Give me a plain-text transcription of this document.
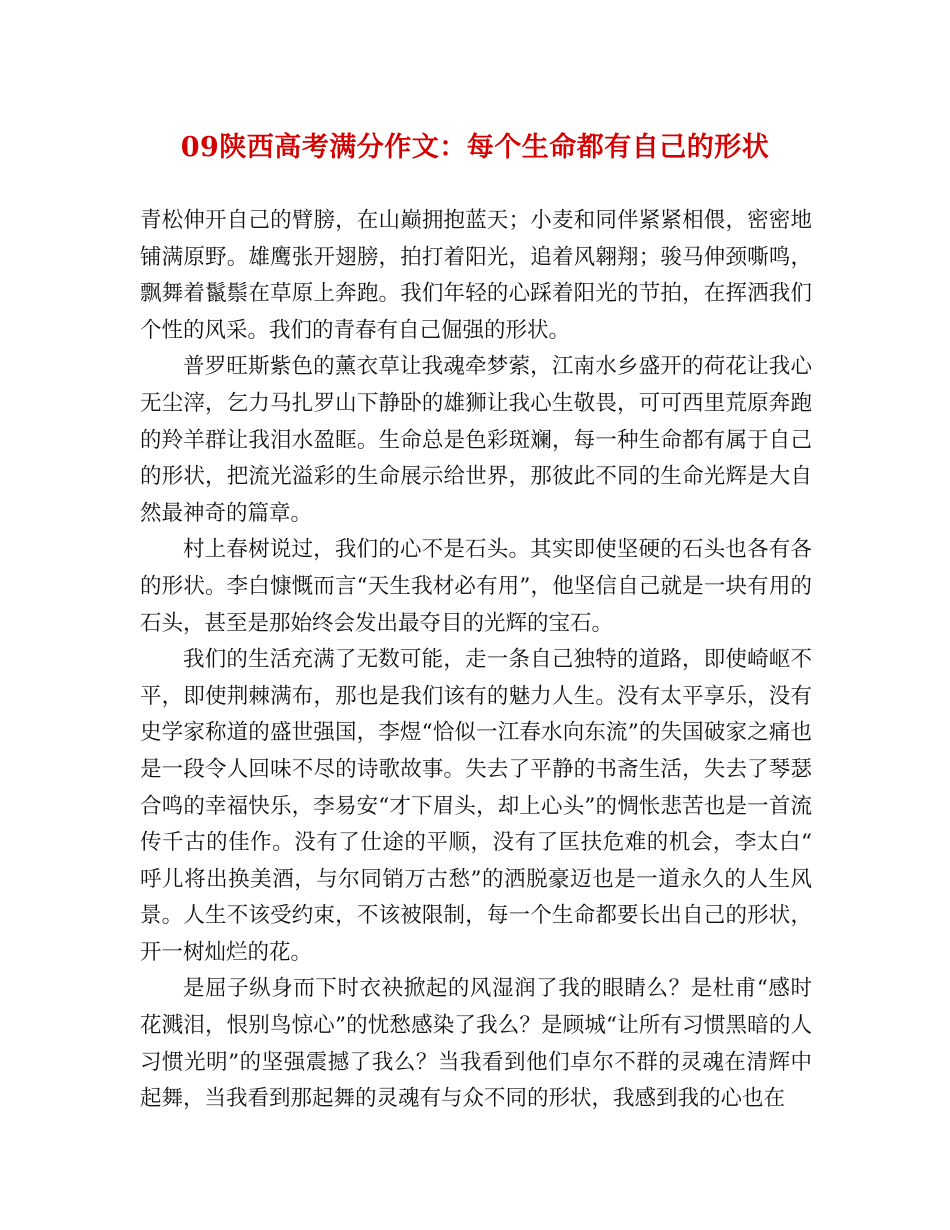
09陕西高考满分作文：每个生命都有自己的形状

青松伸开自己的臂膀，在山巅拥抱蓝天；小麦和同伴紧紧相偎，密密地铺满原野。雄鹰张开翅膀，拍打着阳光，追着风翱翔；骏马伸颈嘶鸣，飘舞着鬣鬃在草原上奔跑。我们年轻的心踩着阳光的节拍，在挥洒我们个性的风采。我们的青春有自己倔强的形状。

普罗旺斯紫色的薰衣草让我魂牵梦萦，江南水乡盛开的荷花让我心无尘滓，乞力马扎罗山下静卧的雄狮让我心生敬畏，可可西里荒原奔跑的羚羊群让我泪水盈眶。生命总是色彩斑斓，每一种生命都有属于自己的形状，把流光溢彩的生命展示给世界，那彼此不同的生命光辉是大自然最神奇的篇章。

村上春树说过，我们的心不是石头。其实即使坚硬的石头也各有各的形状。李白慷慨而言“天生我材必有用”，他坚信自己就是一块有用的石头，甚至是那始终会发出最夺目的光辉的宝石。

我们的生活充满了无数可能，走一条自己独特的道路，即使崎岖不平，即使荆棘满布，那也是我们该有的魅力人生。没有太平享乐，没有史学家称道的盛世强国，李煜“恰似一江春水向东流”的失国破家之痛也是一段令人回味不尽的诗歌故事。失去了平静的书斋生活，失去了琴瑟合鸣的幸福快乐，李易安“才下眉头，却上心头”的惆怅悲苦也是一首流传千古的佳作。没有了仕途的平顺，没有了匡扶危难的机会，李太白“呼儿将出换美酒，与尔同销万古愁”的洒脱豪迈也是一道永久的人生风景。人生不该受约束，不该被限制，每一个生命都要长出自己的形状，开一树灿烂的花。

是屈子纵身而下时衣袂掀起的风湿润了我的眼睛么？是杜甫“感时花溅泪，恨别鸟惊心”的忧愁感染了我么？是顾城“让所有习惯黑暗的人习惯光明”的坚强震撼了我么？当我看到他们卓尔不群的灵魂在清辉中起舞，当我看到那起舞的灵魂有与众不同的形状，我感到我的心也在
